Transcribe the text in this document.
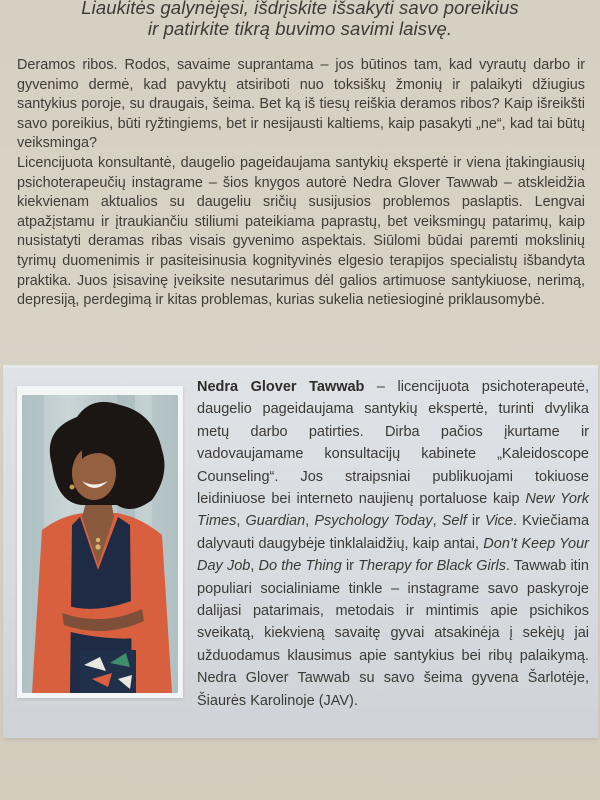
Liaukitės galynėjęsi, išdrįskite išsakyti savo poreikius
ir patirkite tikrą buvimo savimi laisvę.

Deramos ribos. Rodos, savaime suprantama – jos būtinos tam, kad vyrautų darbo ir gyvenimo dermė, kad pavyktų atsiriboti nuo toksiškų žmonių ir palaikyti džiugius santykius poroje, su draugais, šeima. Bet ką iš tiesų reiškia deramos ribos? Kaip išreikšti savo poreikius, būti ryžtingiems, bet ir nesijausti kaltiems, kaip pasakyti „ne“, kad tai būtų veiksminga?

Licencijuota konsultantė, daugelio pageidaujama santykių ekspertė ir viena įtakingiausių psichoterapeučių instagrame – šios knygos autorė Nedra Glover Tawwab – atskleidžia kiekvienam aktualios su daugeliu sričių susijusios problemos paslaptis. Lengvai atpažįstamu ir įtraukiančiu stiliumi pateikiama paprastų, bet veiksmingų patarimų, kaip nusistatyti deramas ribas visais gyvenimo aspektais. Siūlomi būdai paremti mokslinių tyrimų duomenimis ir pasiteisinusia kognityvinės elgesio terapijos specialistų išbandyta praktika. Juos įsisavinę įveiksite nesutarimus dėl galios artimuose santykiuose, nerimą, depresiją, perdegimą ir kitas problemas, kurias sukelia netiesioginė priklausomybė.

Nedra Glover Tawwab – licencijuota psichoterapeutė, daugelio pageidaujama santykių ekspertė, turinti dvylika metų darbo patirties. Dirba pačios įkurtame ir vadovaujamame konsultacijų kabinete „Kaleidoscope Counseling“. Jos straipsniai publikuojami tokiuose leidiniuose bei interneto naujienų portaluose kaip New York Times, Guardian, Psychology Today, Self ir Vice. Kviečiama dalyvauti daugybėje tinklalaidžių, kaip antai, Don’t Keep Your Day Job, Do the Thing ir Therapy for Black Girls. Tawwab itin populiari socialiniame tinkle – instagrame savo paskyroje dalijasi patarimais, metodais ir mintimis apie psichikos sveikatą, kiekvieną savaitę gyvai atsakinėja į sekėjų jai užduodamus klausimus apie santykius bei ribų palaikymą. Nedra Glover Tawwab su savo šeima gyvena Šarlotėje, Šiaurės Karolinoje (JAV).
